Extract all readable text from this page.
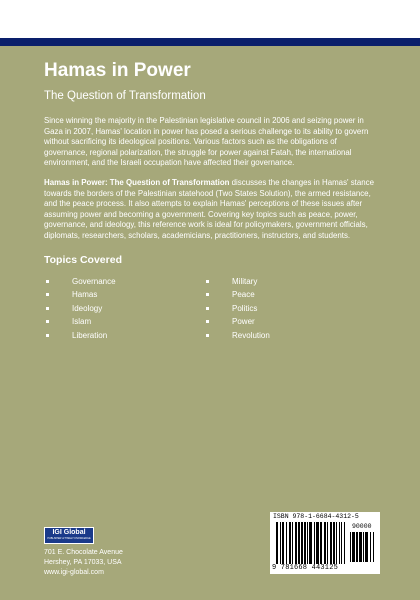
Hamas in Power
The Question of Transformation

Since winning the majority in the Palestinian legislative council in 2006 and seizing power in Gaza in 2007, Hamas' location in power has posed a serious challenge to its ability to govern without sacrificing its ideological positions. Various factors such as the obligations of governance, regional polarization, the struggle for power against Fatah, the international environment, and the Israeli occupation have affected their governance.

Hamas in Power: The Question of Transformation discusses the changes in Hamas' stance towards the borders of the Palestinian statehood (Two States Solution), the armed resistance, and the peace process. It also attempts to explain Hamas' perceptions of these issues after assuming power and becoming a government. Covering key topics such as peace, power, governance, and ideology, this reference work is ideal for policymakers, government officials, diplomats, researchers, scholars, academicians, practitioners, instructors, and students.

Topics Covered
Governance
Hamas
Ideology
Islam
Liberation
Military
Peace
Politics
Power
Revolution
IGI Global
PUBLISHER of TIMELY KNOWLEDGE
701 E. Chocolate Avenue
Hershey, PA 17033, USA
www.igi-global.com
ISBN 978-1-6684-4312-5
90000
9 781668 443125
